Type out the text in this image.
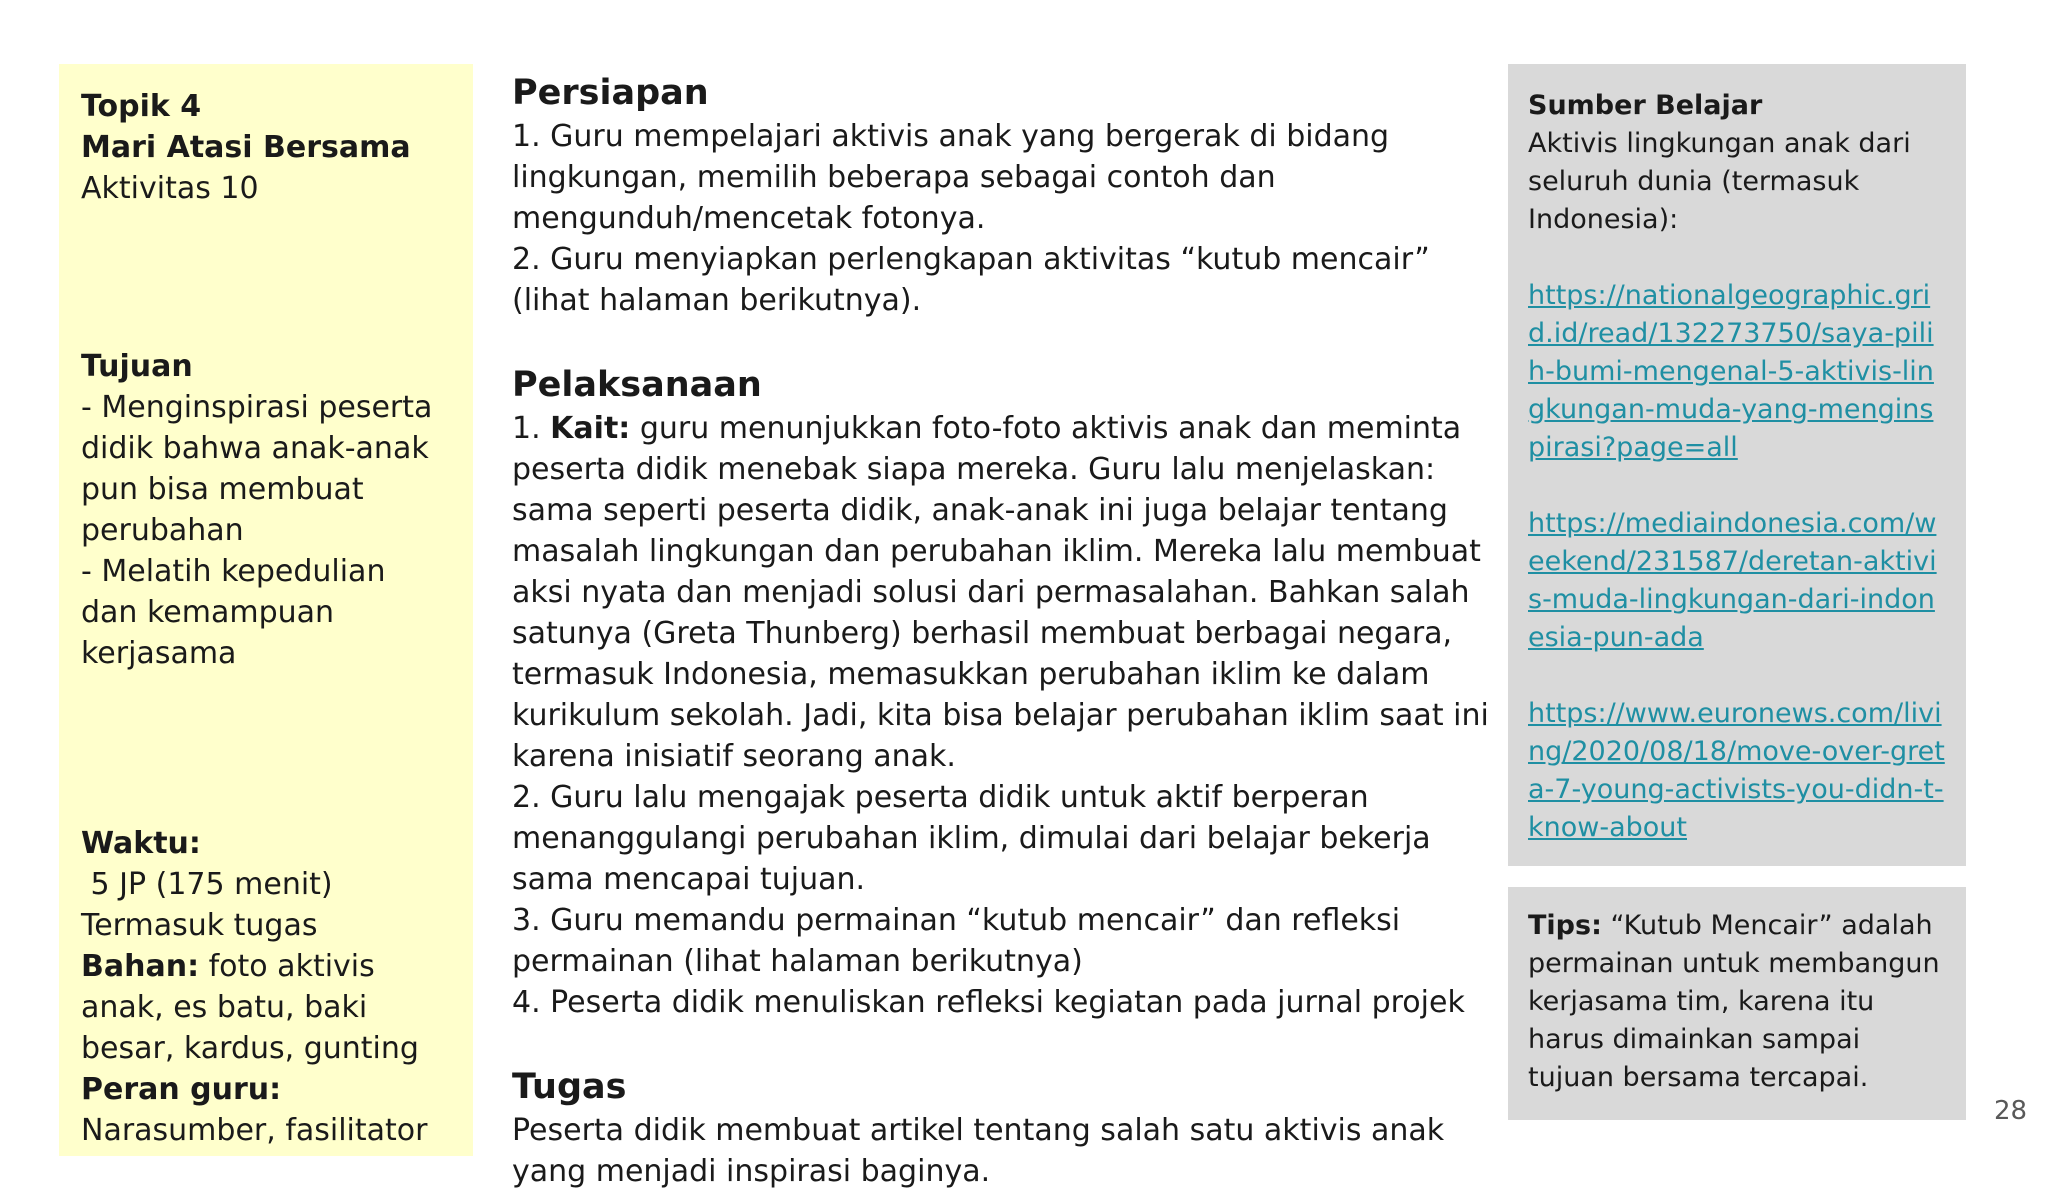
Topik 4

Mari Atasi Bersama

Aktivitas 10

Tujuan

- Menginspirasi peserta didik bahwa anak-anak pun bisa membuat perubahan

- Melatih kepedulian dan kemampuan kerjasama

Waktu:

5 JP (175 menit)

Termasuk tugas

Bahan: foto aktivis anak, es batu, baki besar, kardus, gunting

Peran guru:

Narasumber, fasilitator

Persiapan

1. Guru mempelajari aktivis anak yang bergerak di bidang lingkungan, memilih beberapa sebagai contoh dan mengunduh/mencetak fotonya.

2. Guru menyiapkan perlengkapan aktivitas “kutub mencair” (lihat halaman berikutnya).

Pelaksanaan

1. Kait: guru menunjukkan foto-foto aktivis anak dan meminta peserta didik menebak siapa mereka. Guru lalu menjelaskan: sama seperti peserta didik, anak-anak ini juga belajar tentang masalah lingkungan dan perubahan iklim. Mereka lalu membuat aksi nyata dan menjadi solusi dari permasalahan. Bahkan salah satunya (Greta Thunberg) berhasil membuat berbagai negara, termasuk Indonesia, memasukkan perubahan iklim ke dalam kurikulum sekolah. Jadi, kita bisa belajar perubahan iklim saat ini karena inisiatif seorang anak.

2. Guru lalu mengajak peserta didik untuk aktif berperan menanggulangi perubahan iklim, dimulai dari belajar bekerja sama mencapai tujuan.

3. Guru memandu permainan “kutub mencair” dan refleksi permainan (lihat halaman berikutnya)

4. Peserta didik menuliskan refleksi kegiatan pada jurnal projek

Tugas

Peserta didik membuat artikel tentang salah satu aktivis anak yang menjadi inspirasi baginya.

Sumber Belajar

Aktivis lingkungan anak dari seluruh dunia (termasuk Indonesia):

https://nationalgeographic.grid.id/read/132273750/saya-pilih-bumi-mengenal-5-aktivis-lingkungan-muda-yang-menginspirasi?page=all

https://mediaindonesia.com/weekend/231587/deretan-aktivis-muda-lingkungan-dari-indonesia-pun-ada

https://www.euronews.com/living/2020/08/18/move-over-greta-7-young-activists-you-didn-t-know-about

Tips: “Kutub Mencair” adalah permainan untuk membangun kerjasama tim, karena itu harus dimainkan sampai tujuan bersama tercapai.

28
